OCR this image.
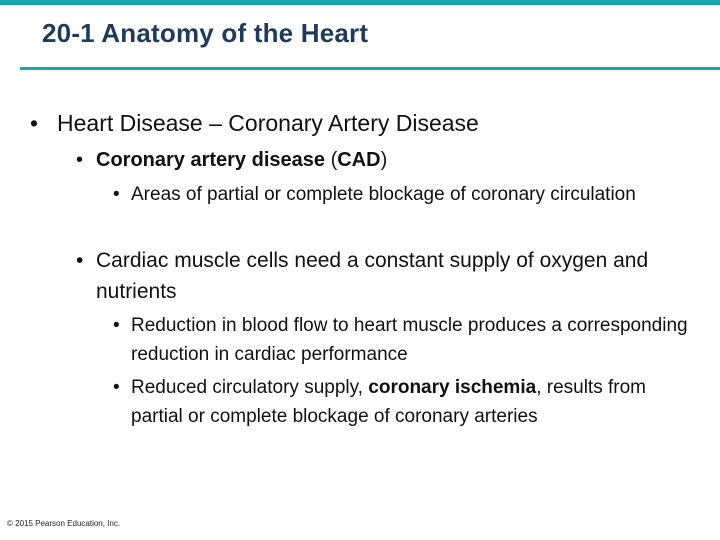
20-1 Anatomy of the Heart
• Heart Disease – Coronary Artery Disease
• Coronary artery disease (CAD)
• Areas of partial or complete blockage of coronary circulation
• Cardiac muscle cells need a constant supply of oxygen and nutrients
• Reduction in blood flow to heart muscle produces a corresponding reduction in cardiac performance
• Reduced circulatory supply, coronary ischemia, results from partial or complete blockage of coronary arteries
© 2015 Pearson Education, Inc.
